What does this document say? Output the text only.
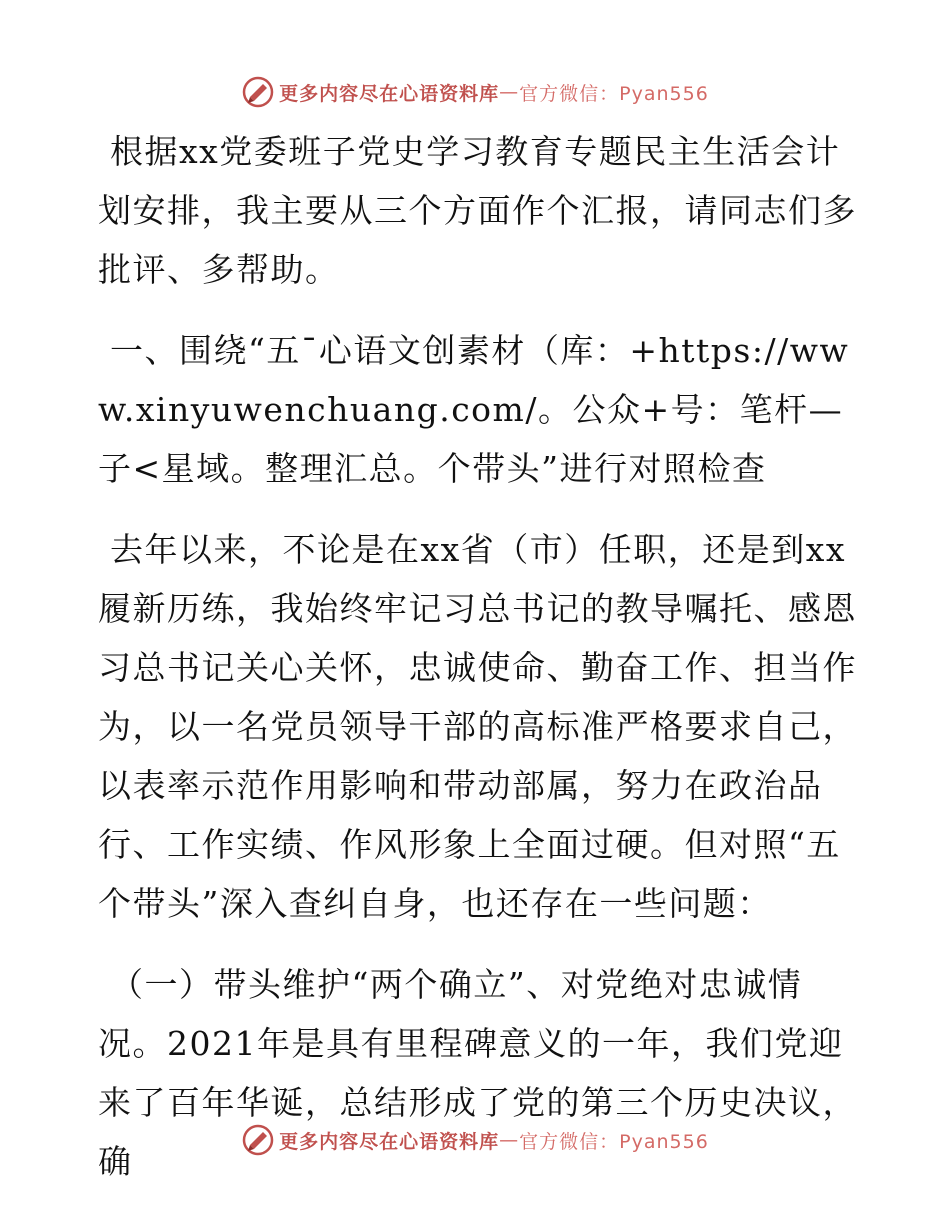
更多内容尽在心语资料库 — 官方微信：Pyan556

根据xx党委班子党史学习教育专题民主生活会计划安排，我主要从三个方面作个汇报，请同志们多批评、多帮助。

一、围绕“五¯心语文创素材（库：+https://www.xinyuwenchuang.com/。公众+号：笔杆—子<星域。整理汇总。个带头”进行对照检查

去年以来，不论是在xx省（市）任职，还是到xx履新历练，我始终牢记习总书记的教导嘱托、感恩习总书记关心关怀，忠诚使命、勤奋工作、担当作为，以一名党员领导干部的高标准严格要求自己，以表率示范作用影响和带动部属，努力在政治品行、工作实绩、作风形象上全面过硬。但对照“五个带头”深入查纠自身，也还存在一些问题：

（一）带头维护“两个确立”、对党绝对忠诚情况。2021年是具有里程碑意义的一年，我们党迎来了百年华诞，总结形成了党的第三个历史决议，确

更多内容尽在心语资料库 — 官方微信：Pyan556
